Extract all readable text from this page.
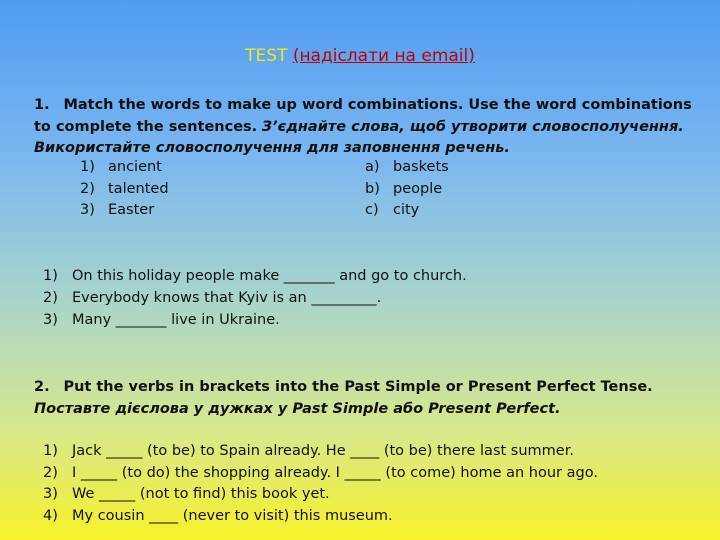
TEST (надіслати на email)
1. Match the words to make up word combinations. Use the word combinations to complete the sentences. З’єднайте слова, щоб утворити словосполучення. Використайте словосполучення для заповнення речень.
1) ancient
2) talented
3) Easter
a) baskets
b) people
c) city
1) On this holiday people make _______ and go to church.
2) Everybody knows that Kyiv is an _________.
3) Many _______ live in Ukraine.
2. Put the verbs in brackets into the Past Simple or Present Perfect Tense. Поставте дієслова у дужках у Past Simple або Present Perfect.
1) Jack _____ (to be) to Spain already. He ____ (to be) there last summer.
2) I _____ (to do) the shopping already. I _____ (to come) home an hour ago.
3) We _____ (not to find) this book yet.
4) My cousin ____ (never to visit) this museum.
